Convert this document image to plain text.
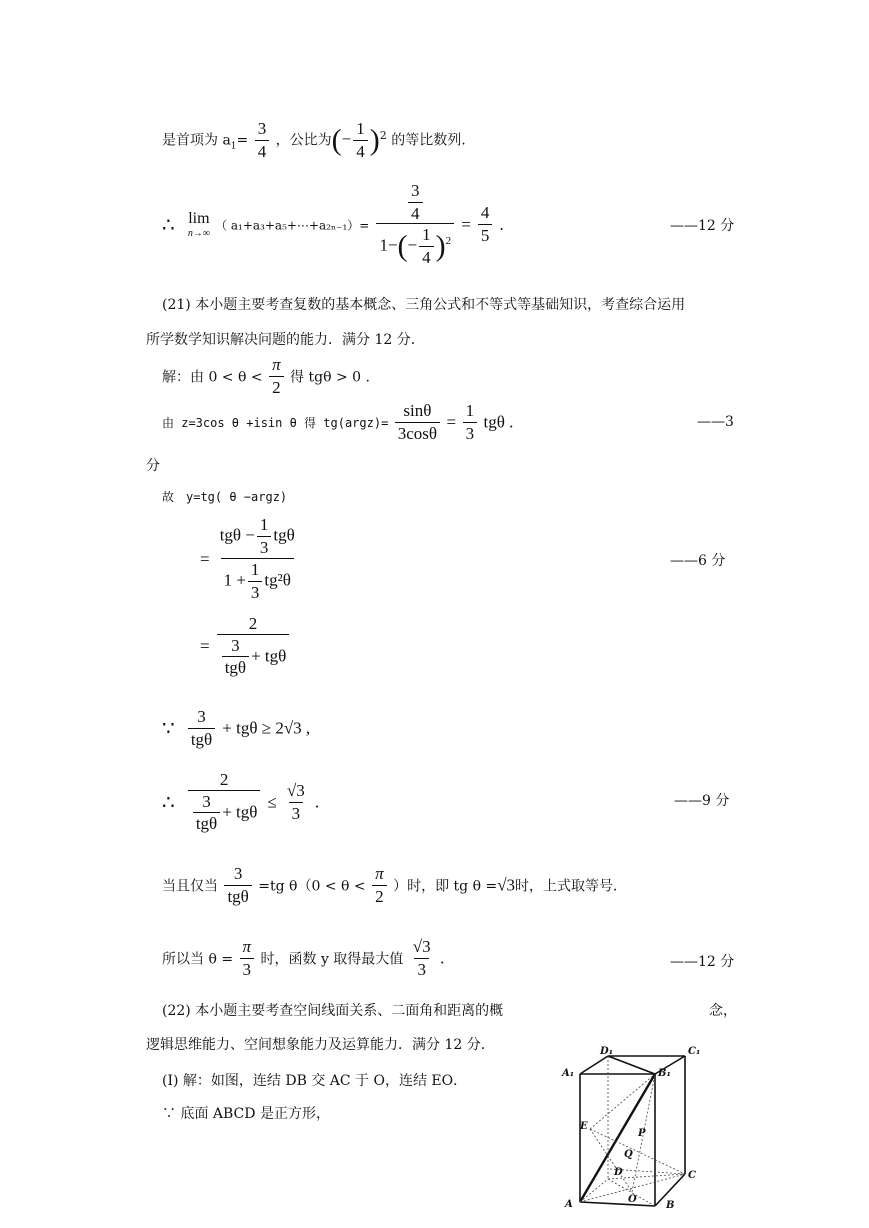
是首项为 $a_1= \frac{3}{4}$ ，公比为(− $\frac{1}{4} )^2$ 的等比数列.
∴ lim
n→∞
（ a₁+a₃+a₅+⋯+a₂ₙ₋₁）= $\frac{\frac{3}{4}}{1-(- \frac{1}{4} )^2} = \frac{4}{5}$ .	——12 分
(21) 本小题主要考查复数的基本概念、三角公式和不等式等基础知识，考查综合运用
所学数学知识解决问题的能力．满分 12 分．
解：由 $0 < \theta < \frac{\pi}{2}$ 得 tgθ > 0 .
由 z=3cos θ +isin θ 得 tg(argz)= $\frac{\sin\theta}{3\cos\theta} = \frac{1}{3}$ tgθ .	——3
分
故　y=tg( θ −argz)
= $\frac{tg\theta - \frac{1}{3} tg\theta}{1 + \frac{1}{3} tg^2\theta}$	——6 分
= $\frac{2}{\frac{3}{\text{tgθ}} + tg\theta}$
∵ $\frac{3}{\text{tgθ}} + tg\theta \ge 2√3$ ,
∴ $\frac{2}{\frac{3}{\text{tgθ}} + tg\theta} \le \frac{√3}{3}$ .	——9 分
当且仅当 $\frac{3}{\text{tgθ}} =tg$ $\theta(0 < \theta < \frac{\pi}{2}$ ）时，即 tg θ =√3时，上式取等号．
所以当 $\theta = \frac{\pi}{3}$ 时，函数 y 取得最大值 $\frac{√3}{3}$ .	——12 分
(22) 本小题主要考查空间线面关系、二面角和距离的概	念，
逻辑思维能力、空间想象能力及运算能力．满分 12 分．
(Ⅰ) 解：如图，连结 DB 交 AC 于 O，连结 EO．
∵ 底面 ABCD 是正方形，
D₁	C₁
A₁	B₁
E
P
Q
D	C
A	O
B
